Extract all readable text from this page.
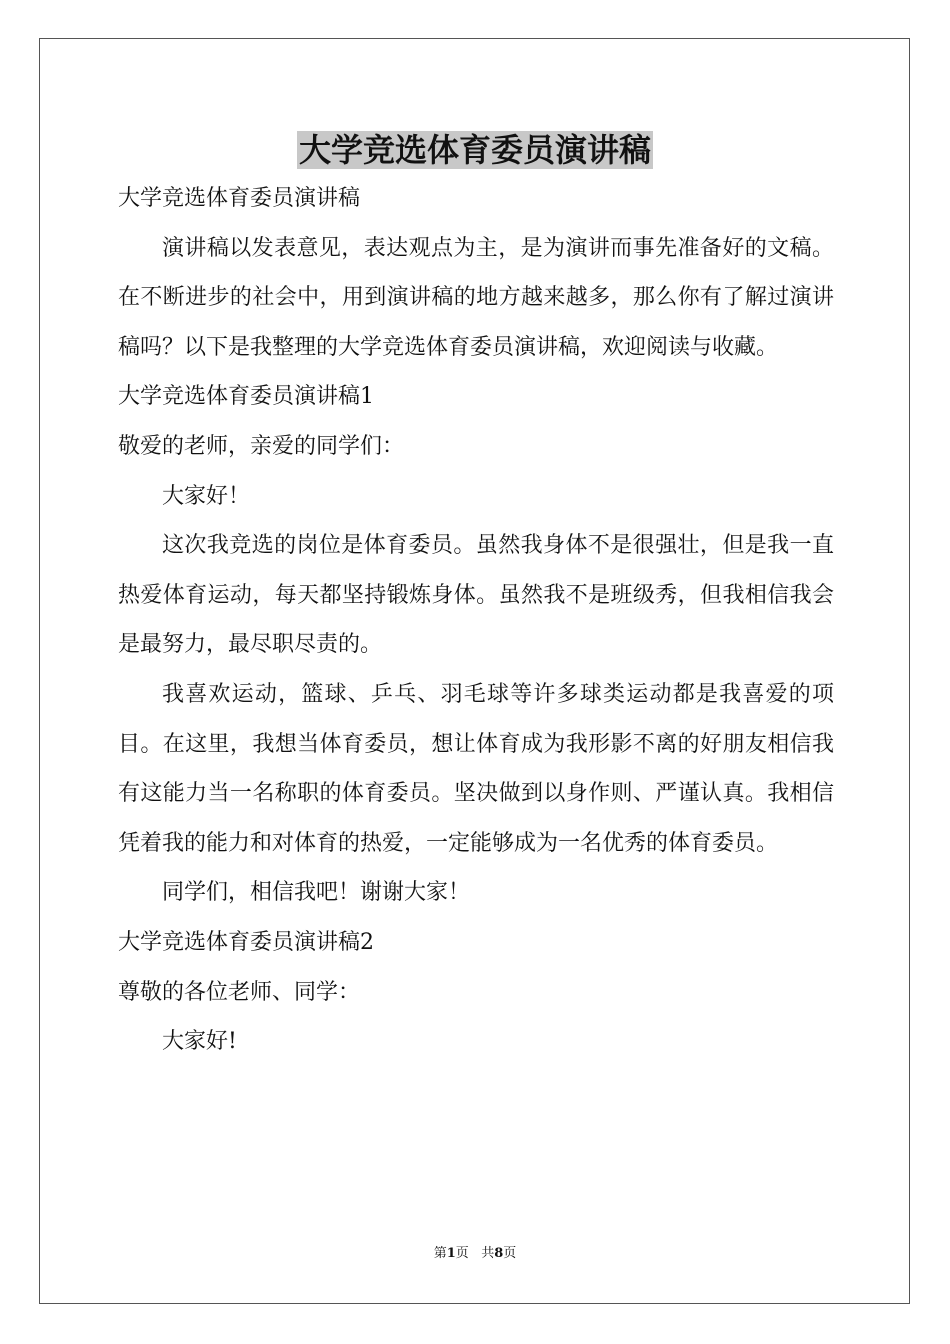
大学竞选体育委员演讲稿

大学竞选体育委员演讲稿

演讲稿以发表意见，表达观点为主，是为演讲而事先准备好的文稿。在不断进步的社会中，用到演讲稿的地方越来越多，那么你有了解过演讲稿吗？以下是我整理的大学竞选体育委员演讲稿，欢迎阅读与收藏。

大学竞选体育委员演讲稿1

敬爱的老师，亲爱的同学们：

大家好！

这次我竞选的岗位是体育委员。虽然我身体不是很强壮，但是我一直热爱体育运动，每天都坚持锻炼身体。虽然我不是班级秀，但我相信我会是最努力，最尽职尽责的。

我喜欢运动，篮球、乒乓、羽毛球等许多球类运动都是我喜爱的项目。在这里，我想当体育委员，想让体育成为我形影不离的好朋友相信我有这能力当一名称职的体育委员。坚决做到以身作则、严谨认真。我相信凭着我的能力和对体育的热爱，一定能够成为一名优秀的体育委员。

同学们，相信我吧！谢谢大家！

大学竞选体育委员演讲稿2

尊敬的各位老师、同学：

大家好!

第1页 共8页
